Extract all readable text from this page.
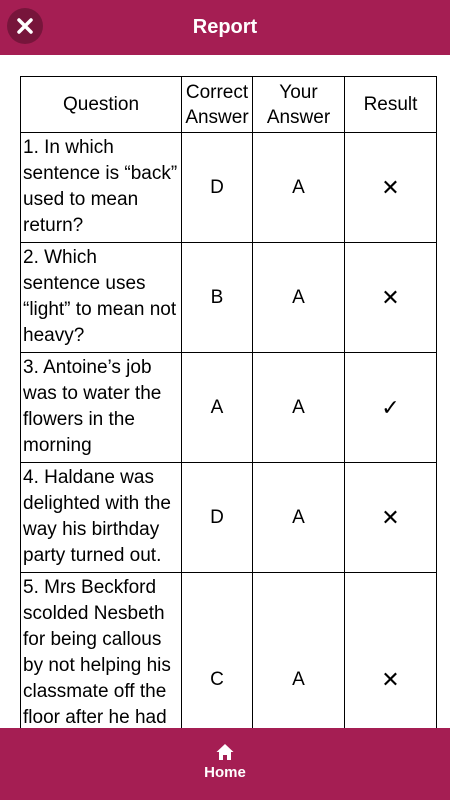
Report
Question	Correct Answer	Your Answer	Result
1. In which sentence is “back” used to mean return?	D	A	✕
2. Which sentence uses “light” to mean not heavy?	B	A	✕
3. Antoine’s job was to water the flowers in the morning	A	A	✓
4. Haldane was delighted with the way his birthday party turned out.	D	A	✕
5. Mrs Beckford scolded Nesbeth for being callous by not helping his classmate off the floor after he had	C	A	✕
Home
